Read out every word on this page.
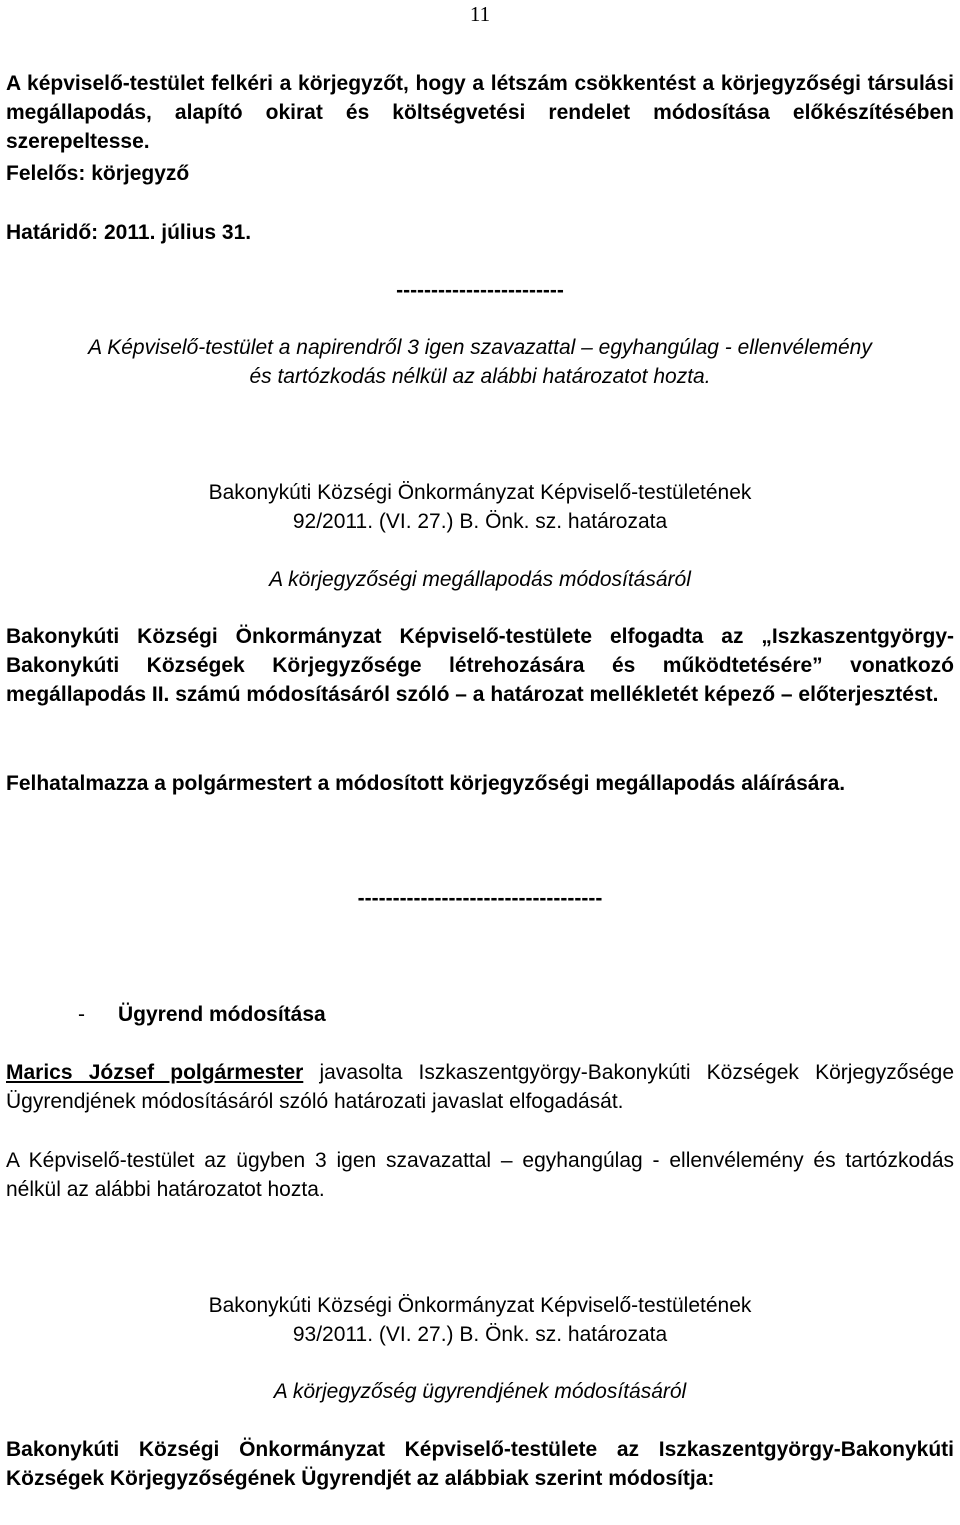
11

A képviselő-testület felkéri a körjegyzőt, hogy a létszám csökkentést a körjegyzőségi társulási megállapodás, alapító okirat és költségvetési rendelet módosítása előkészítésében szerepeltesse.

Felelős: körjegyző

Határidő: 2011. július 31.

------------------------

A Képviselő-testület a napirendről 3 igen szavazattal – egyhangúlag - ellenvélemény

és tartózkodás nélkül az alábbi határozatot hozta.

Bakonykúti Községi Önkormányzat Képviselő-testületének

92/2011. (VI. 27.) B. Önk. sz. határozata

A körjegyzőségi megállapodás módosításáról

Bakonykúti Községi Önkormányzat Képviselő-testülete elfogadta az „Iszkaszentgyörgy-Bakonykúti Községek Körjegyzősége létrehozására és működtetésére” vonatkozó megállapodás II. számú módosításáról szóló – a határozat mellékletét képező – előterjesztést.

Felhatalmazza a polgármestert a módosított körjegyzőségi megállapodás aláírására.

-----------------------------------

- Ügyrend módosítása

Marics József polgármester javasolta Iszkaszentgyörgy-Bakonykúti Községek Körjegyzősége Ügyrendjének módosításáról szóló határozati javaslat elfogadását.

A Képviselő-testület az ügyben 3 igen szavazattal – egyhangúlag - ellenvélemény és tartózkodás nélkül az alábbi határozatot hozta.

Bakonykúti Községi Önkormányzat Képviselő-testületének

93/2011. (VI. 27.) B. Önk. sz. határozata

A körjegyzőség ügyrendjének módosításáról

Bakonykúti Községi Önkormányzat Képviselő-testülete az Iszkaszentgyörgy-Bakonykúti Községek Körjegyzőségének Ügyrendjét az alábbiak szerint módosítja:
